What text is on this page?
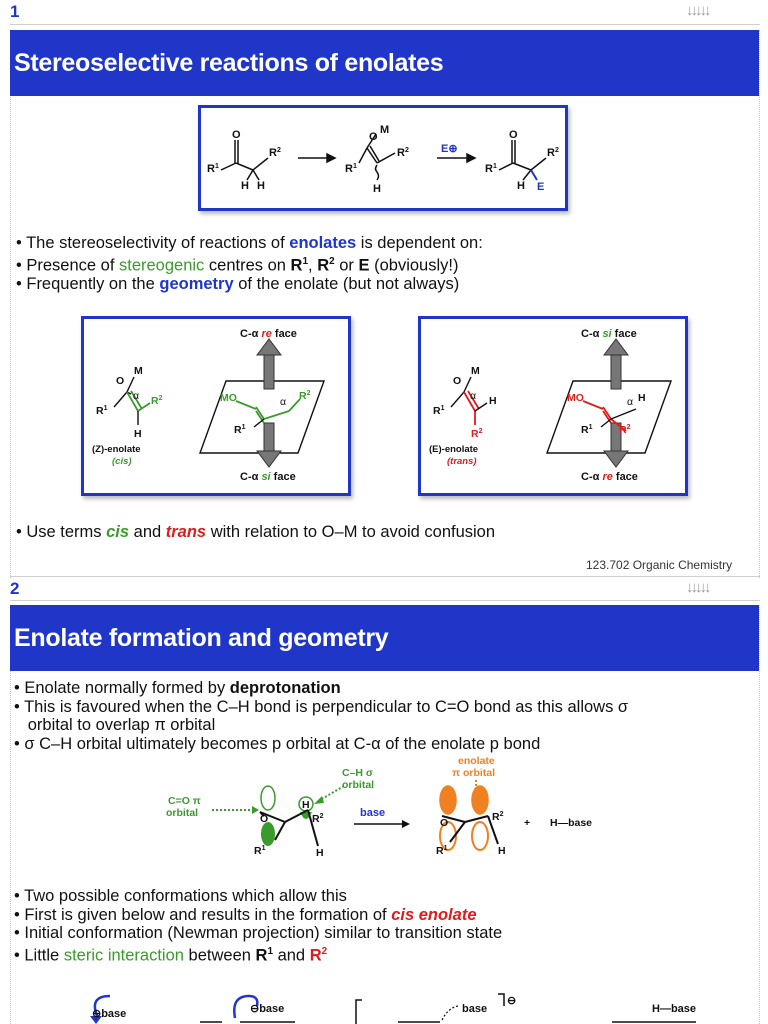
1	↓↓↓↓↓
Stereoselective reactions of enolates
O
$R^1$
$R^2$
H H
O
M
$R^1$
$R^2$
H
E⊕
O
$R^1$
$R^2$
H E
• The stereoselectivity of reactions of enolates is dependent on:
• Presence of stereogenic centres on $R^1$, $R^2$ or E (obviously!)
• Frequently on the geometry of the enolate (but not always)
O
M
$R^1$
α $R^2$
H
(Z)-enolate
(cis)
MO	α $R^2$
$R^1$
C-α re face
C-α si face
O
M
$R^1$
α H
$R^2$
(E)-enolate
(trans)
MO	α H
$R^1$	$R^2$
C-α si face
C-α re face
• Use terms cis and trans with relation to O–M to avoid confusion
123.702 Organic Chemistry
2	↓↓↓↓↓
Enolate formation and geometry
• Enolate normally formed by deprotonation
• This is favoured when the C–H bond is perpendicular to C=O bond as this allows σ
orbital to overlap π orbital
• σ C–H orbital ultimately becomes p orbital at C-α of the enolate p bond
C=O π
orbital
C–H σ
orbital
enolate
π orbital
O
H
$R^2$
$R^1$	H
base
O	$R^2$
$R^1$	H
+ H—base
• Two possible conformations which allow this
• First is given below and results in the formation of cis enolate
• Initial conformation (Newman projection) similar to transition state
• Little steric interaction between $R^1$ and $R^2$
⊖base	⊖base	base
⊖
H—base
